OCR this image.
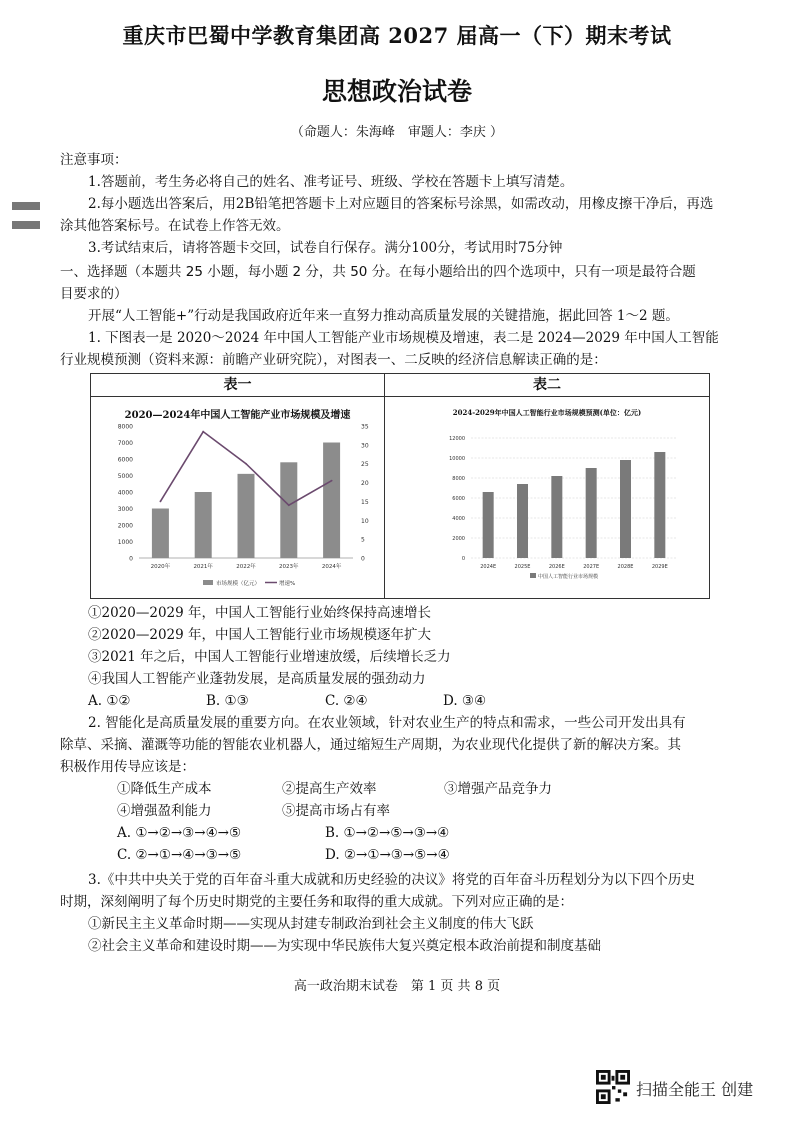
重庆市巴蜀中学教育集团高 2027 届高一（下）期末考试
思想政治试卷
（命题人：朱海峰　审题人：李庆 ）
注意事项：
1.答题前，考生务必将自己的姓名、准考证号、班级、学校在答题卡上填写清楚。
2.每小题选出答案后，用2B铅笔把答题卡上对应题目的答案标号涂黑，如需改动，用橡皮擦干净后，再选
涂其他答案标号。在试卷上作答无效。
3.考试结束后，请将答题卡交回，试卷自行保存。满分100分，考试用时75分钟
一、选择题（本题共 25 小题，每小题 2 分，共 50 分。在每小题给出的四个选项中，只有一项是最符合题
目要求的）
开展“人工智能+”行动是我国政府近年来一直努力推动高质量发展的关键措施，据此回答 1～2 题。
1. 下图表一是 2020～2024 年中国人工智能产业市场规模及增速，表二是 2024—2029 年中国人工智能
行业规模预测（资料来源：前瞻产业研究院），对图表一、二反映的经济信息解读正确的是：
表一
2020—2024年中国人工智能产业市场规模及增速
0
1000
2000
3000
4000
5000
6000
7000
8000
0
5
10
15
20
25
30
35
2020年	2021年	2022年	2023年	2024年
市场规模（亿元）	增速%
表二
2024-2029年中国人工智能行业市场规模预测(单位：亿元)
0
2000
4000
6000
8000
10000
12000
2024E	2025E	2026E	2027E	2028E	2029E
中国人工智能行业市场规模
①2020—2029 年，中国人工智能行业始终保持高速增长
②2020—2029 年，中国人工智能行业市场规模逐年扩大
③2021 年之后，中国人工智能行业增速放缓，后续增长乏力
④我国人工智能产业蓬勃发展，是高质量发展的强劲动力
A. ①②	B. ①③	C. ②④	D. ③④
2. 智能化是高质量发展的重要方向。在农业领域，针对农业生产的特点和需求，一些公司开发出具有
除草、采摘、灌溉等功能的智能农业机器人，通过缩短生产周期，为农业现代化提供了新的解决方案。其
积极作用传导应该是：
①降低生产成本	②提高生产效率	③增强产品竞争力
④增强盈利能力	⑤提高市场占有率
A. ①→②→③→④→⑤	B. ①→②→⑤→③→④
C. ②→①→④→③→⑤	D. ②→①→③→⑤→④
3.《中共中央关于党的百年奋斗重大成就和历史经验的决议》将党的百年奋斗历程划分为以下四个历史
时期，深刻阐明了每个历史时期党的主要任务和取得的重大成就。下列对应正确的是：
①新民主主义革命时期——实现从封建专制政治到社会主义制度的伟大飞跃
②社会主义革命和建设时期——为实现中华民族伟大复兴奠定根本政治前提和制度基础
高一政治期末试卷　第 1 页 共 8 页
扫描全能王 创建
